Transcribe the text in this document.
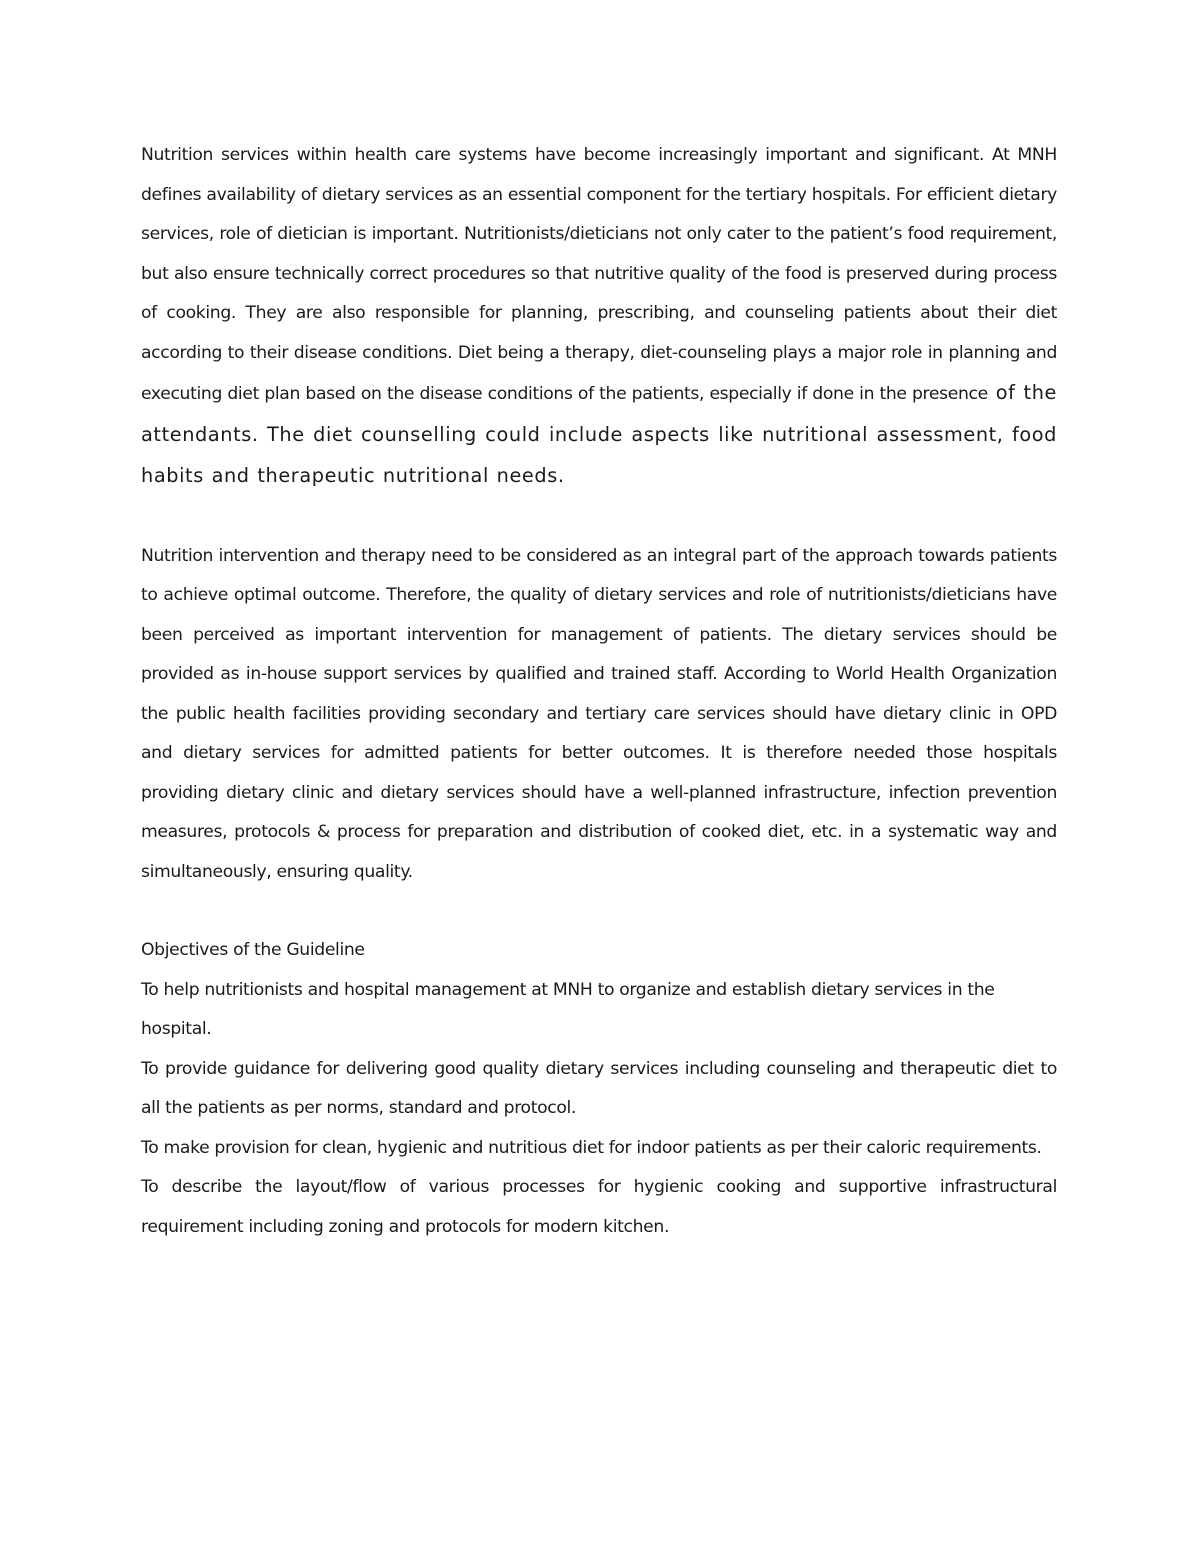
Nutrition services within health care systems have become increasingly important and significant. At MNH defines availability of dietary services as an essential component for the tertiary hospitals. For efficient dietary services, role of dietician is important. Nutritionists/dieticians not only cater to the patient’s food requirement, but also ensure technically correct procedures so that nutritive quality of the food is preserved during process of cooking. They are also responsible for planning, prescribing, and counseling patients about their diet according to their disease conditions. Diet being a therapy, diet-counseling plays a major role in planning and executing diet plan based on the disease conditions of the patients, especially if done in the presence of the attendants. The diet counselling could include aspects like nutritional assessment, food habits and therapeutic nutritional needs.

Nutrition intervention and therapy need to be considered as an integral part of the approach towards patients to achieve optimal outcome. Therefore, the quality of dietary services and role of nutritionists/dieticians have been perceived as important intervention for management of patients. The dietary services should be provided as in-house support services by qualified and trained staff. According to World Health Organization the public health facilities providing secondary and tertiary care services should have dietary clinic in OPD and dietary services for admitted patients for better outcomes. It is therefore needed those hospitals providing dietary clinic and dietary services should have a well-planned infrastructure, infection prevention measures, protocols & process for preparation and distribution of cooked diet, etc. in a systematic way and simultaneously, ensuring quality.

Objectives of the Guideline

To help nutritionists and hospital management at MNH to organize and establish dietary services in the hospital.

To provide guidance for delivering good quality dietary services including counseling and therapeutic diet to all the patients as per norms, standard and protocol.

To make provision for clean, hygienic and nutritious diet for indoor patients as per their caloric requirements.

To describe the layout/flow of various processes for hygienic cooking and supportive infrastructural requirement including zoning and protocols for modern kitchen.
